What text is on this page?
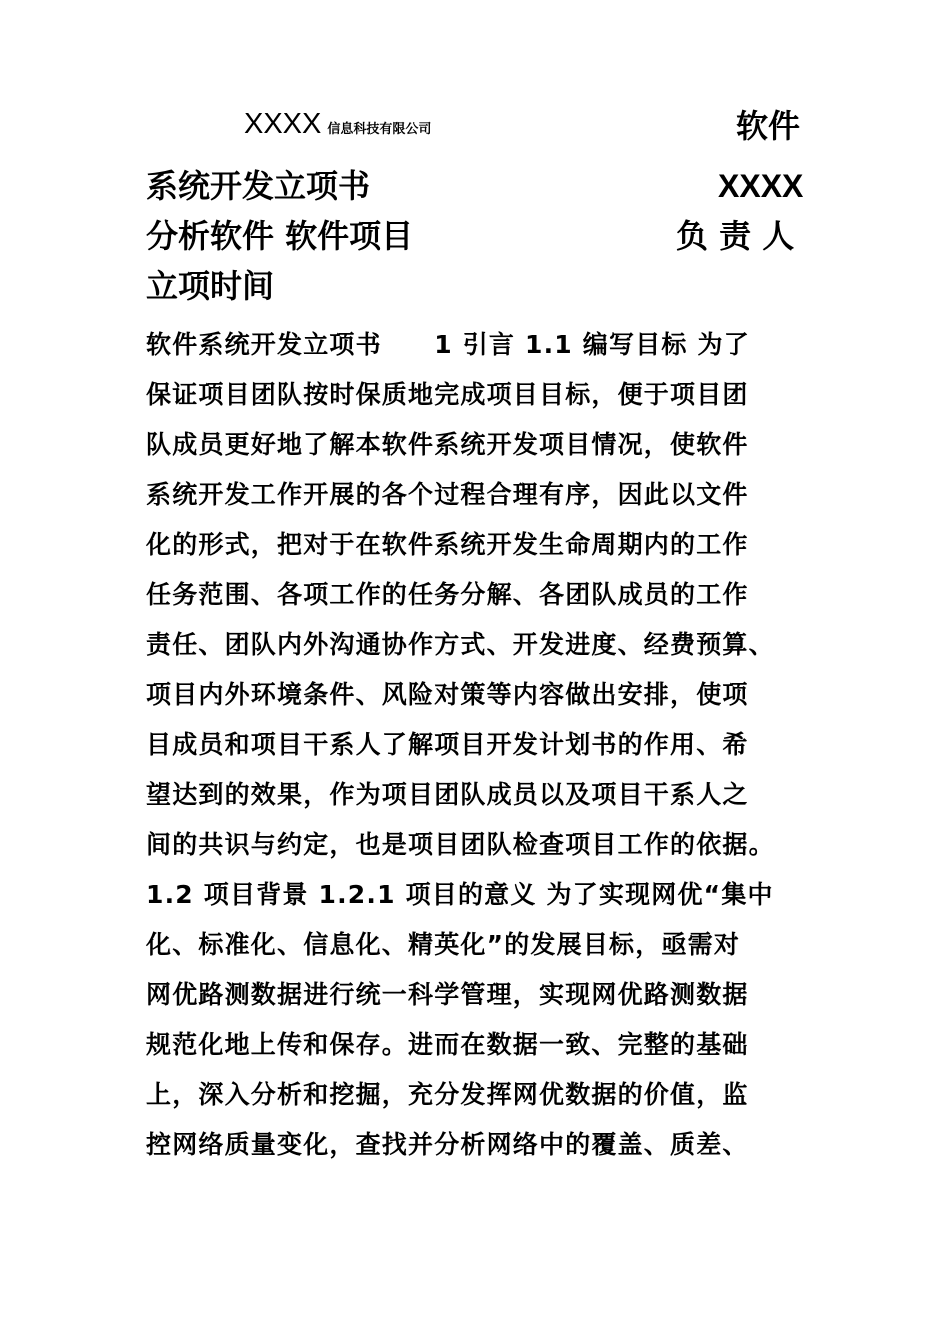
XXXX 信息科技有限公司	软件
系统开发立项书	XXXX
分析软件 软件项目	负 责 人
立项时间
软件系统开发立项书　　1 引言 1.1 编写目标 为了
保证项目团队按时保质地完成项目目标，便于项目团
队成员更好地了解本软件系统开发项目情况，使软件
系统开发工作开展的各个过程合理有序，因此以文件
化的形式，把对于在软件系统开发生命周期内的工作
任务范围、各项工作的任务分解、各团队成员的工作
责任、团队内外沟通协作方式、开发进度、经费预算、
项目内外环境条件、风险对策等内容做出安排，使项
目成员和项目干系人了解项目开发计划书的作用、希
望达到的效果，作为项目团队成员以及项目干系人之
间的共识与约定，也是项目团队检查项目工作的依据。
1.2 项目背景 1.2.1 项目的意义 为了实现网优“集中
化、标准化、信息化、精英化”的发展目标，亟需对
网优路测数据进行统一科学管理，实现网优路测数据
规范化地上传和保存。进而在数据一致、完整的基础
上，深入分析和挖掘，充分发挥网优数据的价值，监
控网络质量变化，查找并分析网络中的覆盖、质差、
